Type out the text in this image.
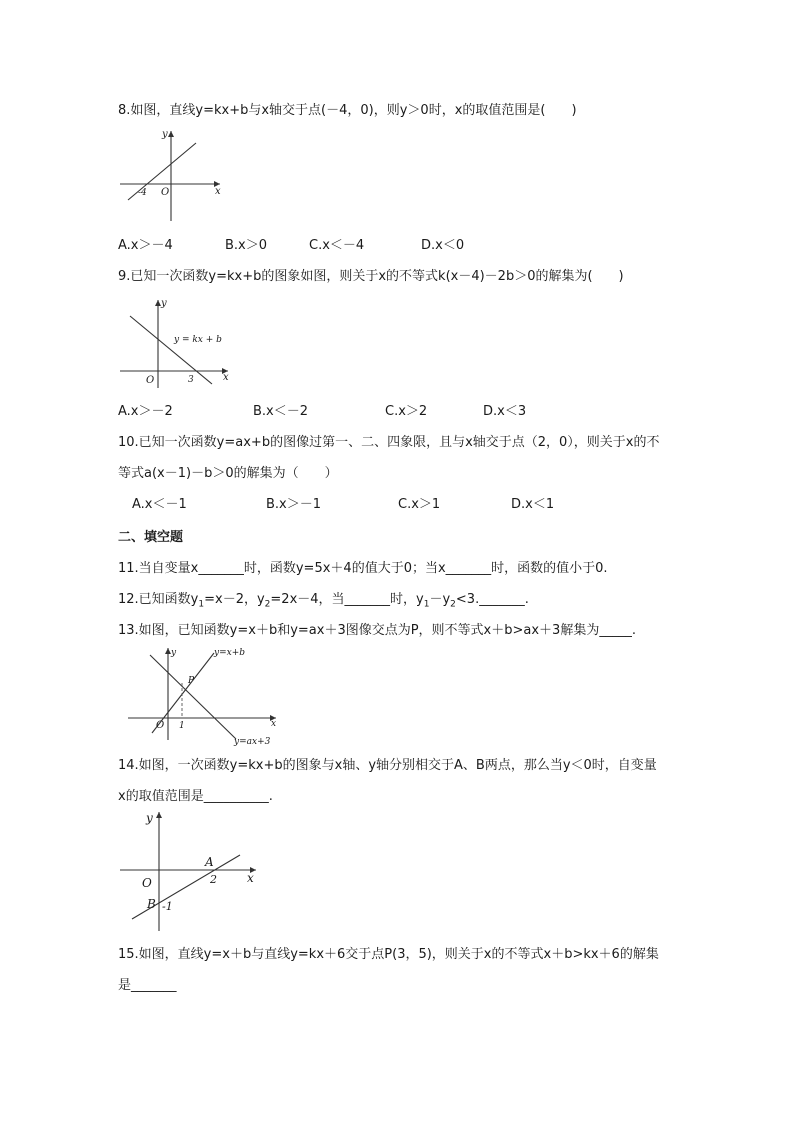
8.如图，直线y=kx+b与x轴交于点(－4，0)，则y＞0时，x的取值范围是(　　)
y
x
O
-4
A.x＞－4	B.x＞0	C.x＜－4	D.x＜0
9.已知一次函数y=kx+b的图象如图，则关于x的不等式k(x－4)－2b＞0的解集为(　　)
y
x
O	3
y = kx + b
A.x＞－2	B.x＜－2	C.x＞2	D.x＜3
10.已知一次函数y=ax+b的图像过第一、二、四象限，且与x轴交于点（2，0），则关于x的不
等式a(x－1)－b＞0的解集为（　　）
A.x＜－1	B.x＞－1	C.x＞1	D.x＜1
二、填空题
11.当自变量x_______时，函数y=5x＋4的值大于0；当x_______时，函数的值小于0.
12.已知函数$y_1=x-2$，$y_2=2x-4$，当_______时，$y_1-y_2<3.\_\_\_\_\_\_\_$.
13.如图，已知函数y=x＋b和y=ax＋3图像交点为P，则不等式x＋b>ax＋3解集为_____.
y
x
O 1
P
y=x+b
y=ax+3
14.如图，一次函数y=kx+b的图象与x轴、y轴分别相交于A、B两点，那么当y＜0时，自变量
x的取值范围是__________.
y
x
O
A
B
2
-1
15.如图，直线y=x＋b与直线y=kx＋6交于点P(3，5)，则关于x的不等式x＋b>kx＋6的解集
是_______
